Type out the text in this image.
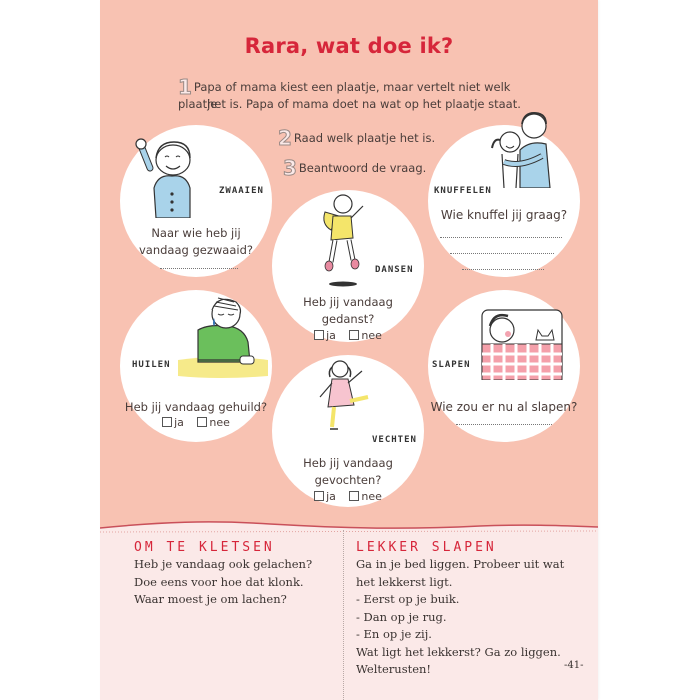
Rara, wat doe ik?
1 Papa of mama kiest een plaatje, maar vertelt niet welk plaatje
het is. Papa of mama doet na wat op het plaatje staat.
2 Raad welk plaatje het is.
3 Beantwoord de vraag.
ZWAAIEN
Naar wie heb jij
vandaag gezwaaid?
KNUFFELEN
Wie knuffel jij graag?
DANSEN
Heb jij vandaag
gedanst?
ja nee
HUILEN
Heb jij vandaag gehuild?
ja nee
SLAPEN
Wie zou er nu al slapen?
VECHTEN
Heb jij vandaag
gevochten?
ja nee
OM TE KLETSEN
Heb je vandaag ook gelachen?
Doe eens voor hoe dat klonk.
Waar moest je om lachen?
LEKKER SLAPEN
Ga in je bed liggen. Probeer uit wat
het lekkerst ligt.
- Eerst op je buik.
- Dan op je rug.
- En op je zij.
Wat ligt het lekkerst? Ga zo liggen.
Welterusten!	-41-
